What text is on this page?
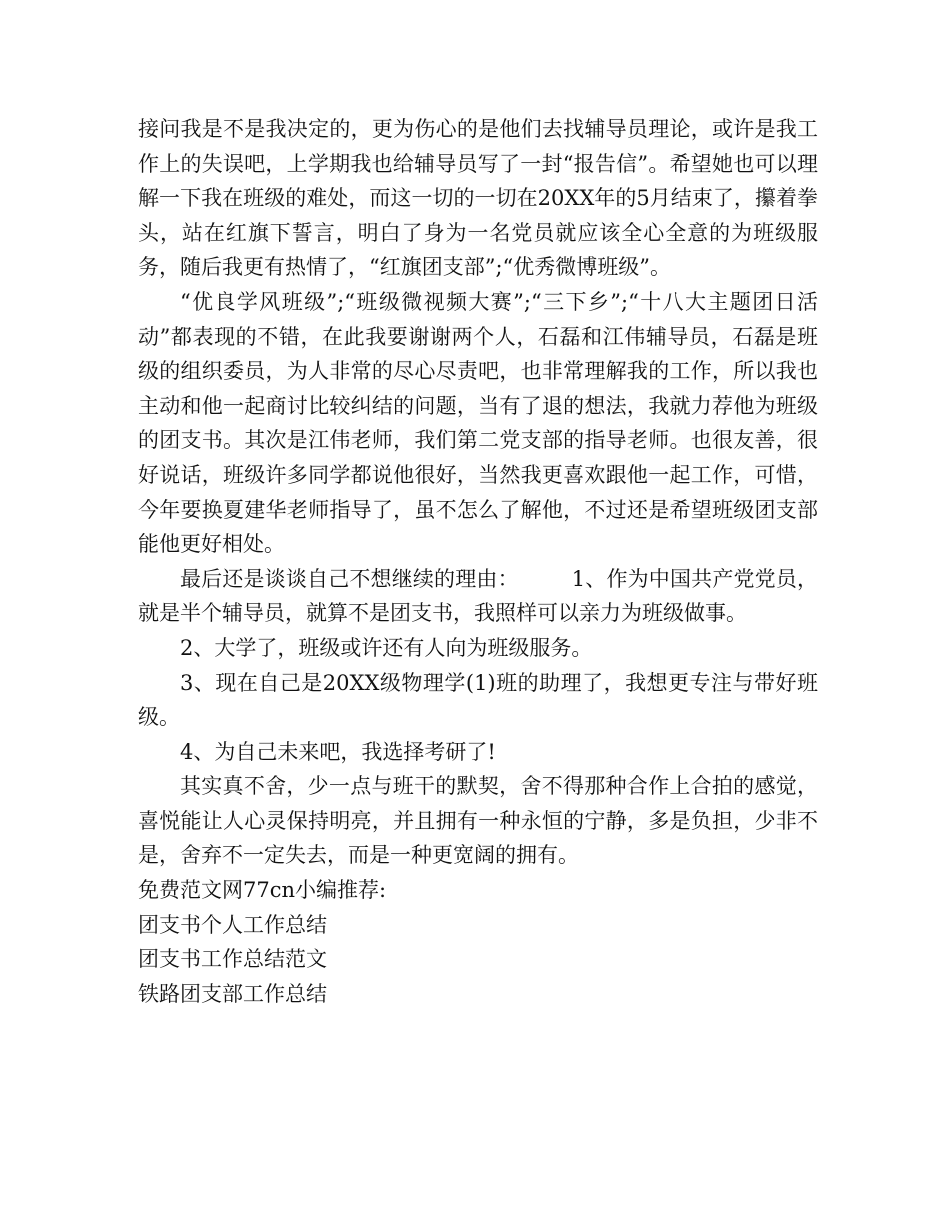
接问我是不是我决定的，更为伤心的是他们去找辅导员理论，或许是我工作上的失误吧，上学期我也给辅导员写了一封“报告信”。希望她也可以理解一下我在班级的难处，而这一切的一切在20XX年的5月结束了，攥着拳头，站在红旗下誓言，明白了身为一名党员就应该全心全意的为班级服务，随后我更有热情了，“红旗团支部”;“优秀微博班级”。

“优良学风班级”;“班级微视频大赛”;“三下乡”;“十八大主题团日活动”都表现的不错，在此我要谢谢两个人，石磊和江伟辅导员，石磊是班级的组织委员，为人非常的尽心尽责吧，也非常理解我的工作，所以我也主动和他一起商讨比较纠结的问题，当有了退的想法，我就力荐他为班级的团支书。其次是江伟老师，我们第二党支部的指导老师。也很友善，很好说话，班级许多同学都说他很好，当然我更喜欢跟他一起工作，可惜，今年要换夏建华老师指导了，虽不怎么了解他，不过还是希望班级团支部能他更好相处。

最后还是谈谈自己不想继续的理由：　　　1、作为中国共产党党员，就是半个辅导员，就算不是团支书，我照样可以亲力为班级做事。

2、大学了，班级或许还有人向为班级服务。

3、现在自己是20XX级物理学(1)班的助理了，我想更专注与带好班级。

4、为自己未来吧，我选择考研了!

其实真不舍，少一点与班干的默契，舍不得那种合作上合拍的感觉，喜悦能让人心灵保持明亮，并且拥有一种永恒的宁静，多是负担，少非不是，舍弃不一定失去，而是一种更宽阔的拥有。

免费范文网77cn小编推荐:

团支书个人工作总结
团支书工作总结范文
铁路团支部工作总结
